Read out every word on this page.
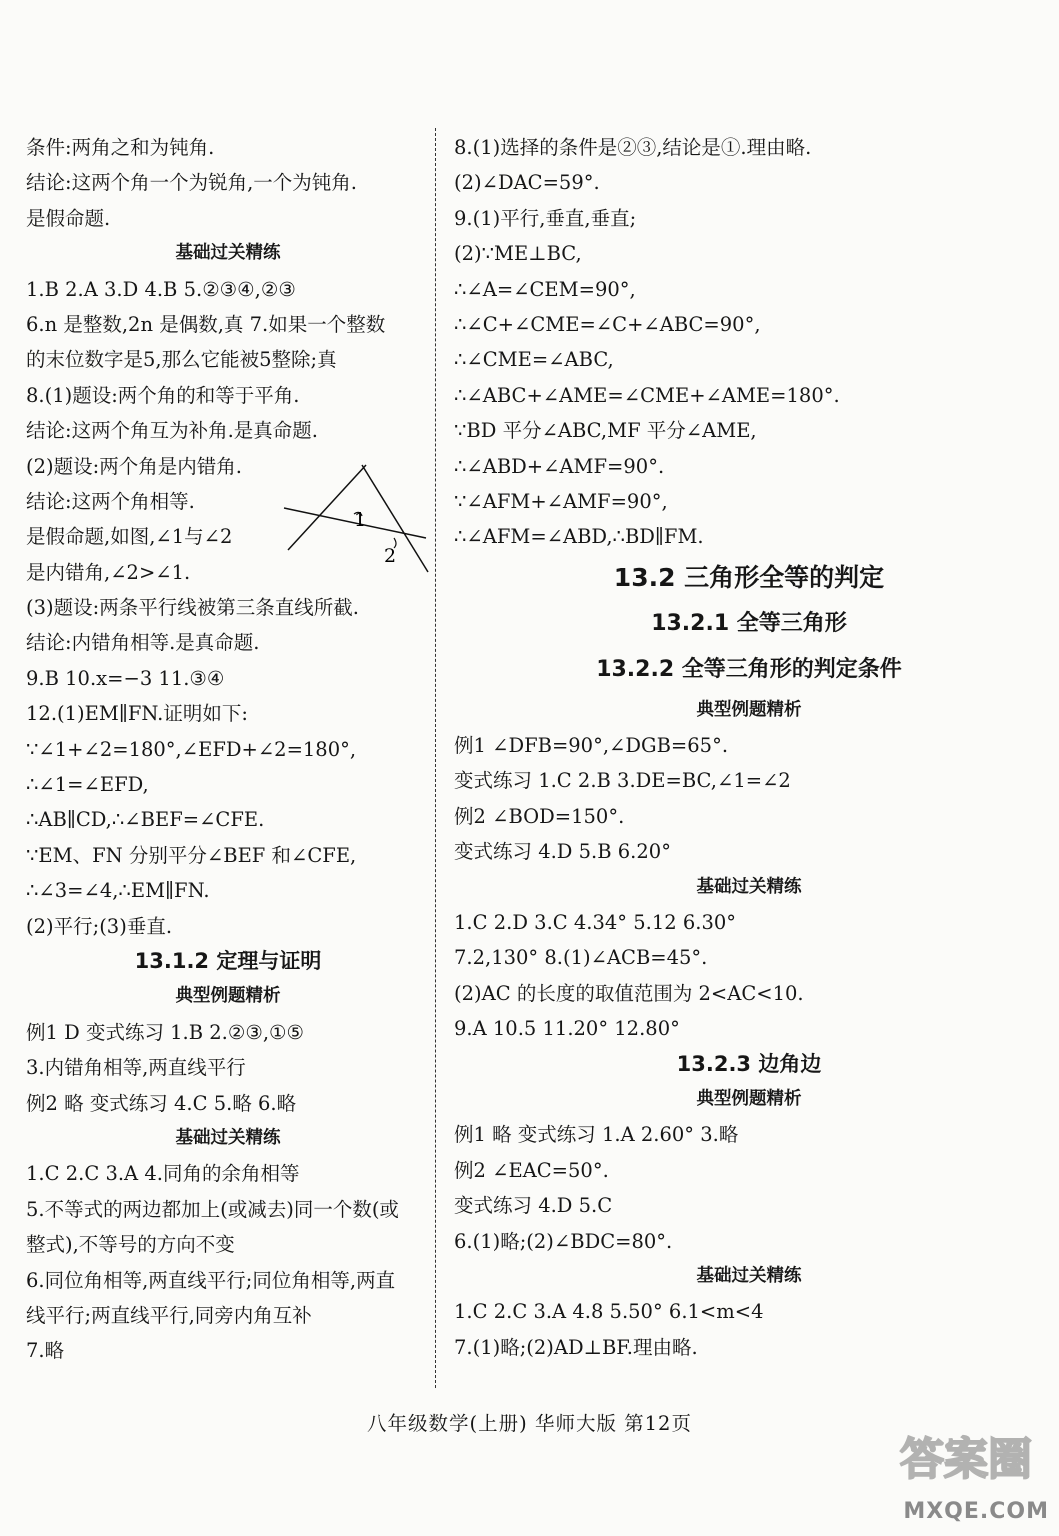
条件:两角之和为钝角.
结论:这两个角一个为锐角,一个为钝角.
是假命题.
基础过关精练
1.B 2.A 3.D 4.B 5.②③④,②③
6.n 是整数,2n 是偶数,真 7.如果一个整数
的末位数字是5,那么它能被5整除;真
8.(1)题设:两个角的和等于平角.
结论:这两个角互为补角.是真命题.
(2)题设:两个角是内错角.
结论:这两个角相等.
是假命题,如图,∠1与∠2
是内错角,∠2>∠1.
(3)题设:两条平行线被第三条直线所截.
结论:内错角相等.是真命题.
9.B 10.x=−3 11.③④
12.(1)EM∥FN.证明如下:
∵∠1+∠2=180°,∠EFD+∠2=180°,
∴∠1=∠EFD,
∴AB∥CD,∴∠BEF=∠CFE.
∵EM、FN 分别平分∠BEF 和∠CFE,
∴∠3=∠4,∴EM∥FN.
(2)平行;(3)垂直.
13.1.2 定理与证明
典型例题精析
例1 D 变式练习 1.B 2.②③,①⑤
3.内错角相等,两直线平行
例2 略 变式练习 4.C 5.略 6.略
基础过关精练
1.C 2.C 3.A 4.同角的余角相等
5.不等式的两边都加上(或减去)同一个数(或
整式),不等号的方向不变
6.同位角相等,两直线平行;同位角相等,两直
线平行;两直线平行,同旁内角互补
7.略
8.(1)选择的条件是②③,结论是①.理由略.
(2)∠DAC=59°.
9.(1)平行,垂直,垂直;
(2)∵ME⊥BC,
∴∠A=∠CEM=90°,
∴∠C+∠CME=∠C+∠ABC=90°,
∴∠CME=∠ABC,
∴∠ABC+∠AME=∠CME+∠AME=180°.
∵BD 平分∠ABC,MF 平分∠AME,
∴∠ABD+∠AMF=90°.
∵∠AFM+∠AMF=90°,
∴∠AFM=∠ABD,∴BD∥FM.
13.2 三角形全等的判定
13.2.1 全等三角形
13.2.2 全等三角形的判定条件
典型例题精析
例1 ∠DFB=90°,∠DGB=65°.
变式练习 1.C 2.B 3.DE=BC,∠1=∠2
例2 ∠BOD=150°.
变式练习 4.D 5.B 6.20°
基础过关精练
1.C 2.D 3.C 4.34° 5.12 6.30°
7.2,130° 8.(1)∠ACB=45°.
(2)AC 的长度的取值范围为 2<AC<10.
9.A 10.5 11.20° 12.80°
13.2.3 边角边
典型例题精析
例1 略 变式练习 1.A 2.60° 3.略
例2 ∠EAC=50°.
变式练习 4.D 5.C
6.(1)略;(2)∠BDC=80°.
基础过关精练
1.C 2.C 3.A 4.8 5.50° 6.1<m<4
7.(1)略;(2)AD⊥BF.理由略.
1
2
八年级数学(上册) 华师大版 第12页
答案圈
MXQE.COM
